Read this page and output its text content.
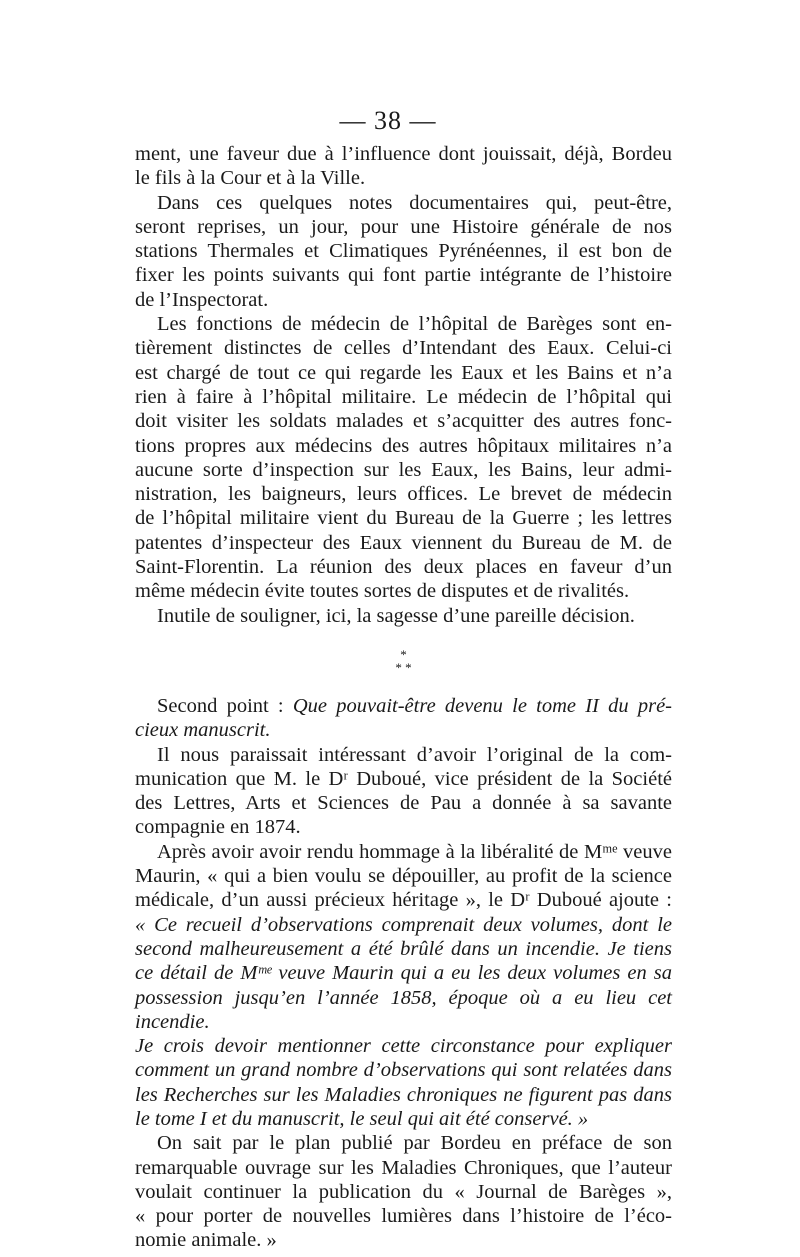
— 38 —

ment, une faveur due à l’influence dont jouissait, déjà, Bordeu

le fils à la Cour et à la Ville.

Dans ces quelques notes documentaires qui, peut-être,

seront reprises, un jour, pour une Histoire générale de nos

stations Thermales et Climatiques Pyrénéennes, il est bon de

fixer les points suivants qui font partie intégrante de l’histoire

de l’Inspectorat.

Les fonctions de médecin de l’hôpital de Barèges sont en-

tièrement distinctes de celles d’Intendant des Eaux. Celui-ci

est chargé de tout ce qui regarde les Eaux et les Bains et n’a

rien à faire à l’hôpital militaire. Le médecin de l’hôpital qui

doit visiter les soldats malades et s’acquitter des autres fonc-

tions propres aux médecins des autres hôpitaux militaires n’a

aucune sorte d’inspection sur les Eaux, les Bains, leur admi-

nistration, les baigneurs, leurs offices. Le brevet de médecin

de l’hôpital militaire vient du Bureau de la Guerre ; les lettres

patentes d’inspecteur des Eaux viennent du Bureau de M. de

Saint-Florentin. La réunion des deux places en faveur d’un

même médecin évite toutes sortes de disputes et de rivalités.

Inutile de souligner, ici, la sagesse d’une pareille décision.

*
* *

Second point : Que pouvait-être devenu le tome II du pré-

cieux manuscrit.

Il nous paraissait intéressant d’avoir l’original de la com-

munication que M. le Dʳ Duboué, vice président de la Société

des Lettres, Arts et Sciences de Pau a donnée à sa savante

compagnie en 1874.

Après avoir avoir rendu hommage à la libéralité de Mᵐᵉ veuve

Maurin, « qui a bien voulu se dépouiller, au profit de la science

médicale, d’un aussi précieux héritage », le Dʳ Duboué ajoute :

« Ce recueil d’observations comprenait deux volumes, dont le

second malheureusement a été brûlé dans un incendie. Je tiens

ce détail de Mᵐᵉ veuve Maurin qui a eu les deux volumes en sa

possession jusqu’en l’année 1858, époque où a eu lieu cet incendie.

Je crois devoir mentionner cette circonstance pour expliquer

comment un grand nombre d’observations qui sont relatées dans

les Recherches sur les Maladies chroniques ne figurent pas dans

le tome I et du manuscrit, le seul qui ait été conservé. »

On sait par le plan publié par Bordeu en préface de son

remarquable ouvrage sur les Maladies Chroniques, que l’auteur

voulait continuer la publication du « Journal de Barèges »,

« pour porter de nouvelles lumières dans l’histoire de l’éco-

nomie animale. »
